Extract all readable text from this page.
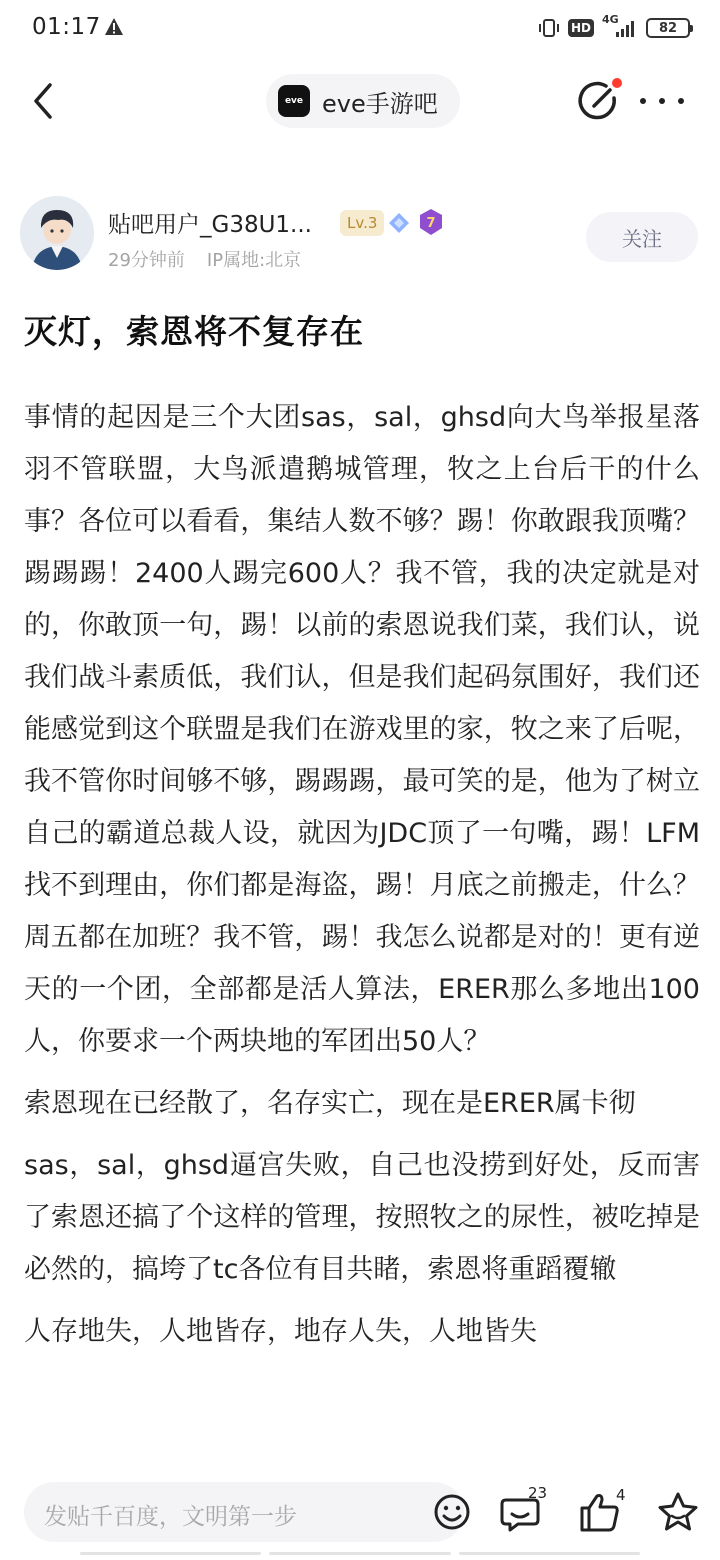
01:17	HD
4G
82
eve eve手游吧
贴吧用户_G38U1...	Lv.3	7
29分钟前 IP属地:北京
关注
灭灯，索恩将不复存在

事情的起因是三个大团sas，sal，ghsd向大鸟举报星落羽不管联盟，大鸟派遣鹅城管理，牧之上台后干的什么事？各位可以看看，集结人数不够？踢！你敢跟我顶嘴？踢踢踢！2400人踢完600人？我不管，我的决定就是对的，你敢顶一句，踢！以前的索恩说我们菜，我们认，说我们战斗素质低，我们认，但是我们起码氛围好，我们还能感觉到这个联盟是我们在游戏里的家，牧之来了后呢，我不管你时间够不够，踢踢踢，最可笑的是，他为了树立自己的霸道总裁人设，就因为JDC顶了一句嘴，踢！LFM找不到理由，你们都是海盗，踢！月底之前搬走，什么？周五都在加班？我不管，踢！我怎么说都是对的！更有逆天的一个团，全部都是活人算法，ERER那么多地出100人，你要求一个两块地的军团出50人？

索恩现在已经散了，名存实亡，现在是ERER属卡彻

sas，sal，ghsd逼宫失败，自己也没捞到好处，反而害了索恩还搞了个这样的管理，按照牧之的尿性，被吃掉是必然的，搞垮了tc各位有目共睹，索恩将重蹈覆辙

人存地失，人地皆存，地存人失，人地皆失

发贴千百度，文明第一步
23	4
